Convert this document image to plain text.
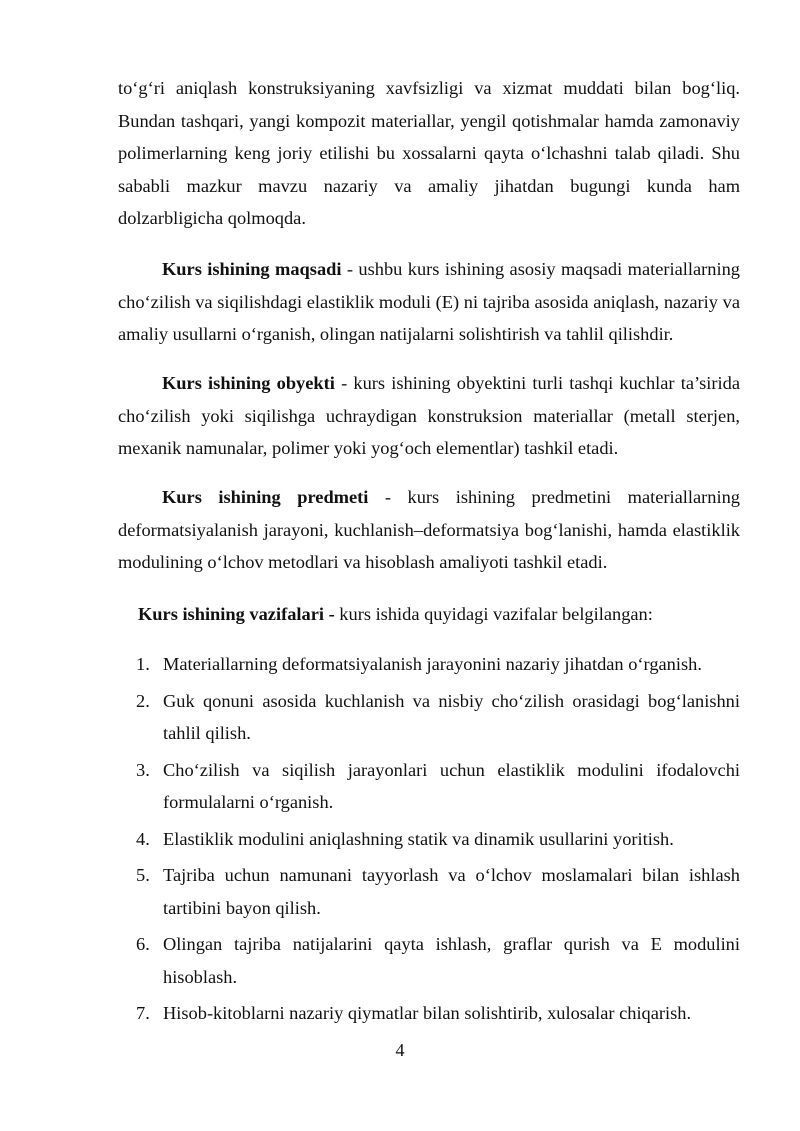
to‘g‘ri aniqlash konstruksiyaning xavfsizligi va xizmat muddati bilan bog‘liq. Bundan tashqari, yangi kompozit materiallar, yengil qotishmalar hamda zamonaviy polimerlarning keng joriy etilishi bu xossalarni qayta o‘lchashni talab qiladi. Shu sababli mazkur mavzu nazariy va amaliy jihatdan bugungi kunda ham dolzarbligicha qolmoqda.

Kurs ishining maqsadi - ushbu kurs ishining asosiy maqsadi materiallarning cho‘zilish va siqilishdagi elastiklik moduli (E) ni tajriba asosida aniqlash, nazariy va amaliy usullarni o‘rganish, olingan natijalarni solishtirish va tahlil qilishdir.

Kurs ishining obyekti - kurs ishining obyektini turli tashqi kuchlar ta’sirida cho‘zilish yoki siqilishga uchraydigan konstruksion materiallar (metall sterjen, mexanik namunalar, polimer yoki yog‘och elementlar) tashkil etadi.

Kurs ishining predmeti - kurs ishining predmetini materiallarning deformatsiyalanish jarayoni, kuchlanish–deformatsiya bog‘lanishi, hamda elastiklik modulining o‘lchov metodlari va hisoblash amaliyoti tashkil etadi.

Kurs ishining vazifalari - kurs ishida quyidagi vazifalar belgilangan:

1. Materiallarning deformatsiyalanish jarayonini nazariy jihatdan o‘rganish.
2. Guk qonuni asosida kuchlanish va nisbiy cho‘zilish orasidagi bog‘lanishni tahlil qilish.
3. Cho‘zilish va siqilish jarayonlari uchun elastiklik modulini ifodalovchi formulalarni o‘rganish.
4. Elastiklik modulini aniqlashning statik va dinamik usullarini yoritish.
5. Tajriba uchun namunani tayyorlash va o‘lchov moslamalari bilan ishlash tartibini bayon qilish.
6. Olingan tajriba natijalarini qayta ishlash, graflar qurish va E modulini hisoblash.
7. Hisob-kitoblarni nazariy qiymatlar bilan solishtirib, xulosalar chiqarish.
4
